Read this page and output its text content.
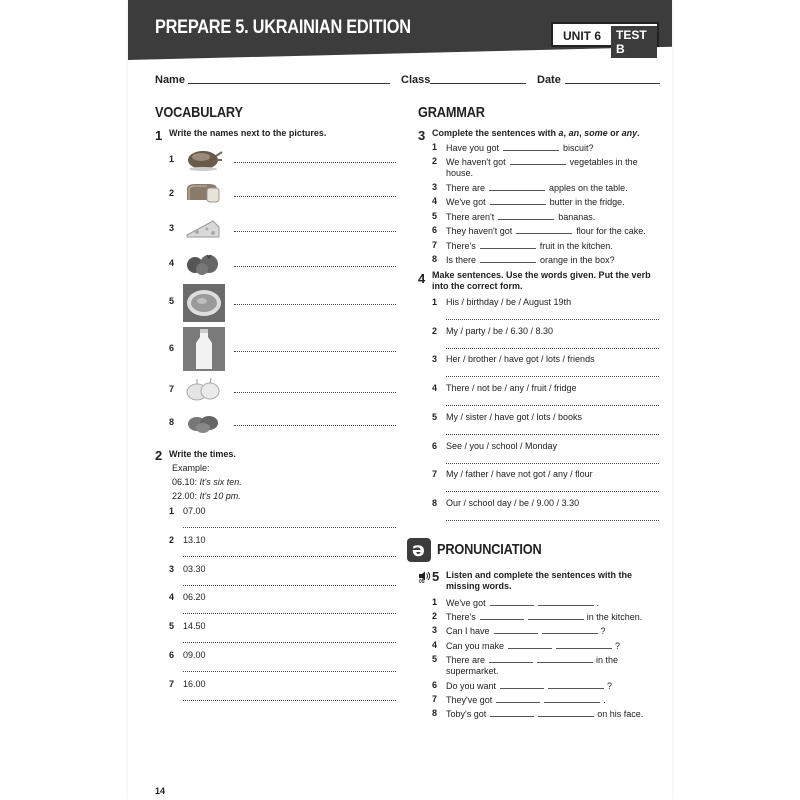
PREPARE 5. UKRAINIAN EDITION	UNIT 6	TEST B
Name	Class	Date
VOCABULARY
1 Write the names next to the pictures.
1
2
3
4
5
6
7
8
2 Write the times.
Example:
06.10: It's six ten.
22.00: It's 10 pm.
1 07.00
2 13.10
3 03.30
4 06.20
5 14.50
6 09.00
7 16.00
GRAMMAR
3 Complete the sentences with a, an, some or any.
1 Have you got	biscuit?
2 We haven't got	vegetables in the
house.
3 There are	apples on the table.
4 We've got	butter in the fridge.
5 There aren't	bananas.
6 They haven't got	flour for the cake.
7 There's	fruit in the kitchen.
8 Is there	orange in the box?
4 Make sentences. Use the words given. Put the verb into the correct form.
1 His / birthday / be / August 19th
2 My / party / be / 6.30 / 8.30
3 Her / brother / have got / lots / friends
4 There / not be / any / fruit / fridge
5 My / sister / have got / lots / books
6 See / you / school / Monday
7 My / father / have not got / any / flour
8 Our / school day / be / 9.00 / 3.30
ə PRONUNCIATION
05 5 Listen and complete the sentences with the missing words.
1 We've got	.
2 There's	in the kitchen.
3 Can I have	?
4 Can you make	?
5 There are	in the
supermarket.
6 Do you want	?
7 They've got	.
8 Toby's got	on his face.
14
